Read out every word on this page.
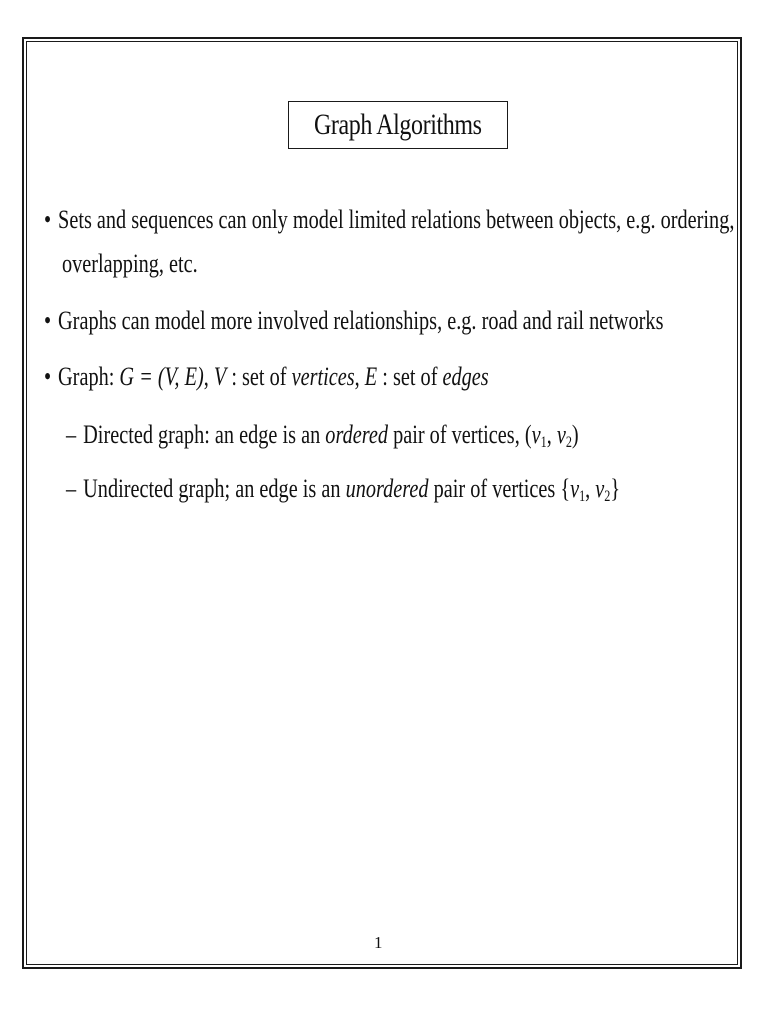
Graph Algorithms
• Sets and sequences can only model limited relations between objects, e.g. ordering,
overlapping, etc.
• Graphs can model more involved relationships, e.g. road and rail networks
• Graph: G = (V, E), V : set of vertices, E : set of edges
– Directed graph: an edge is an ordered pair of vertices, ($v_1$, $v_2$)
– Undirected graph; an edge is an unordered pair of vertices {$v_1$, $v_2$}
1
